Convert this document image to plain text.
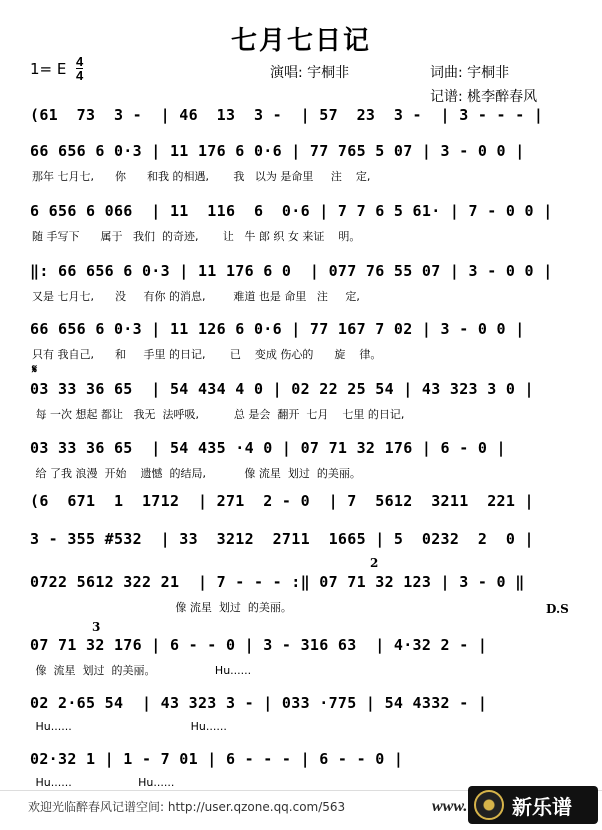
七月七日记
1= E 4
4	演唱: 宇桐非	词曲: 宇桐非
记谱: 桃李醉春风
(61  73  3 -  | 46  13  3 -  | 57  23  3 -  | 3 - - - |
66 656 6 0·3 | 11 176 6 0·6 | 77 765 5 07 | 3 - 0 0 |
那年 七月七,      你      和我 的相遇,       我   以为 是命里     注    定,
6 656 6 066  | 11  116  6  0·6 | 7 7 6 5 61· | 7 - 0 0 |
随 手写下      属于   我们  的奇迹,       让   牛 郎 织 女 来证    明。
‖: 66 656 6 0·3 | 11 176 6 0  | 077 76 55 07 | 3 - 0 0 |
又是 七月七,      没     有你 的消息,        难道 也是 命里   注     定,
66 656 6 0·3 | 11 126 6 0·6 | 77 167 7 02 | 3 - 0 0 |
只有 我自己,      和     手里 的日记,       已    变成 伤心的      旋    律。
𝄋
03 33 36 65  | 54 434 4 0 | 02 22 25 54 | 43 323 3 0 |
每 一次 想起 都让   我无  法呼吸,          总 是会  翻开  七月    七里 的日记,
03 33 36 65  | 54 435 ·4 0 | 07 71 32 176 | 6 - 0 |
给 了我 浪漫  开始    遗憾  的结局,           像 流星  划过  的美丽。
(6  671  1  1712  | 271  2 - 0  | 7  5612  3211  221 |
3 - 355 #532  | 33  3212  2711  1665 | 5  0232  2  0 |
2
0722 5612 322 21  | 7 - - - :‖ 07 71 32 123 | 3 - 0 ‖
像 流星  划过  的美丽。	D.S
3
07 71 32 176 | 6 - - 0 | 3 - 316 63  | 4·32 2 - |
像  流星  划过  的美丽。                 Hu......
02 2·65 54  | 43 323 3 - | 033 ·775 | 54 4332 - |
Hu......                                  Hu......
02·32 1 | 1 - 7 01 | 6 - - - | 6 - - 0 |
Hu......                   Hu......
欢迎光临醉春风记谱空间: http://user.qzone.qq.com/563	www. 新乐谱
